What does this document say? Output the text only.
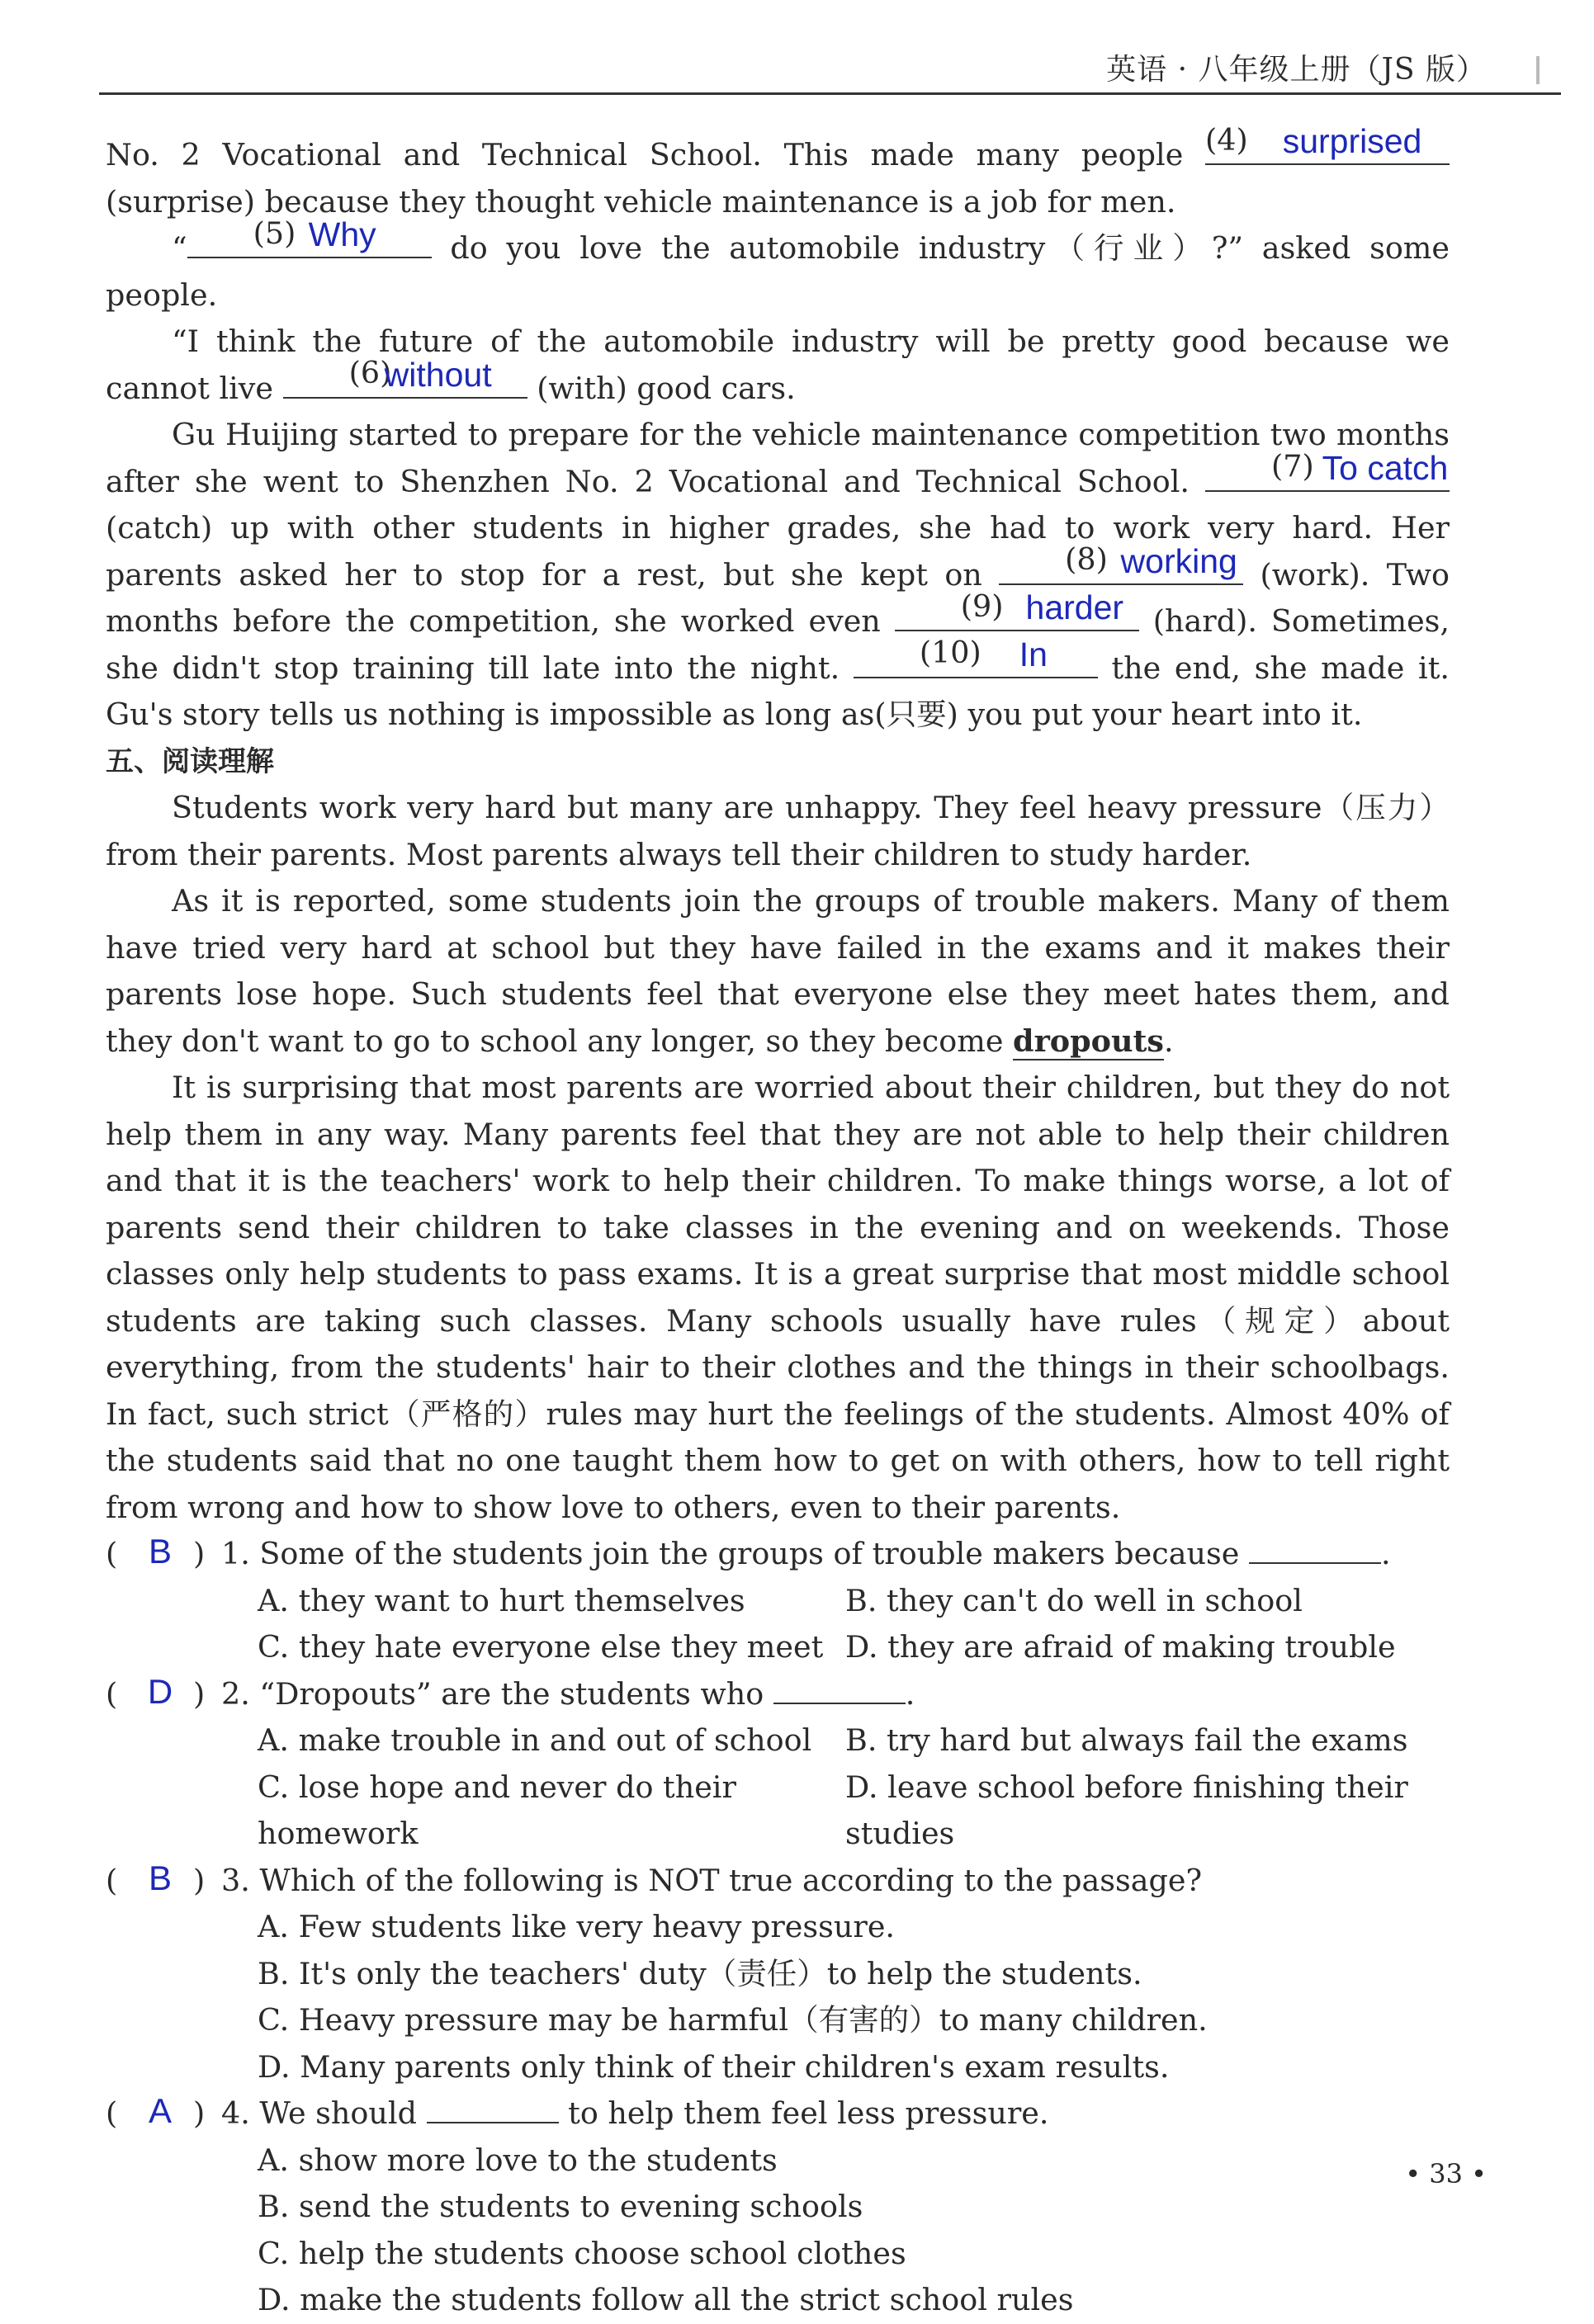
英语 · 八年级上册（JS 版）

No. 2 Vocational and Technical School. This made many people (4)	surprised
(surprise) because they thought vehicle maintenance is a job for men.

“	(5) Why	do you love the automobile industry（行业）?” asked some people.

“I think the future of the automobile industry will be pretty good because we cannot live	(6)
without	(with) good cars.

Gu Huijing started to prepare for the vehicle maintenance competition two months after she went to Shenzhen No. 2 Vocational and Technical School.	(7) To catch
(catch) up with other students in higher grades, she had to work very hard. Her parents asked her to stop for a rest, but she kept on	(8) working (work). Two months before the competition, she worked even	(9) harder (hard). Sometimes, she didn't stop training till late into the night.	(10)	In	the end, she made it. Gu's story tells us nothing is impossible as long as(只要) you put your heart into it.

五、阅读理解

Students work very hard but many are unhappy. They feel heavy pressure（压力）from their parents. Most parents always tell their children to study harder.

As it is reported, some students join the groups of trouble makers. Many of them have tried very hard at school but they have failed in the exams and it makes their parents lose hope. Such students feel that everyone else they meet hates them, and they don't want to go to school any longer, so they become dropouts.

It is surprising that most parents are worried about their children, but they do not help them in any way. Many parents feel that they are not able to help their children and that it is the teachers' work to help their children. To make things worse, a lot of parents send their children to take classes in the evening and on weekends. Those classes only help students to pass exams. It is a great surprise that most middle school students are taking such classes. Many schools usually have rules（规定）about everything, from the students' hair to their clothes and the things in their schoolbags. In fact, such strict（严格的）rules may hurt the feelings of the students. Almost 40% of the students said that no one taught them how to get on with others, how to tell right from wrong and how to show love to others, even to their parents.

( B ) 1. Some of the students join the groups of trouble makers because	.
A. they want to hurt themselves	B. they can't do well in school
C. they hate everyone else they meet D. they are afraid of making trouble
( D ) 2. “Dropouts” are the students who	.
A. make trouble in and out of school	B. try hard but always fail the exams
C. lose hope and never do their homework
D. leave school before finishing their studies
( B ) 3. Which of the following is NOT true according to the passage?
A. Few students like very heavy pressure.
B. It's only the teachers' duty（责任）to help the students.
C. Heavy pressure may be harmful（有害的）to many children.
D. Many parents only think of their children's exam results.
( A ) 4. We should	to help them feel less pressure.
A. show more love to the students
B. send the students to evening schools
C. help the students choose school clothes
D. make the students follow all the strict school rules
• 33 •
